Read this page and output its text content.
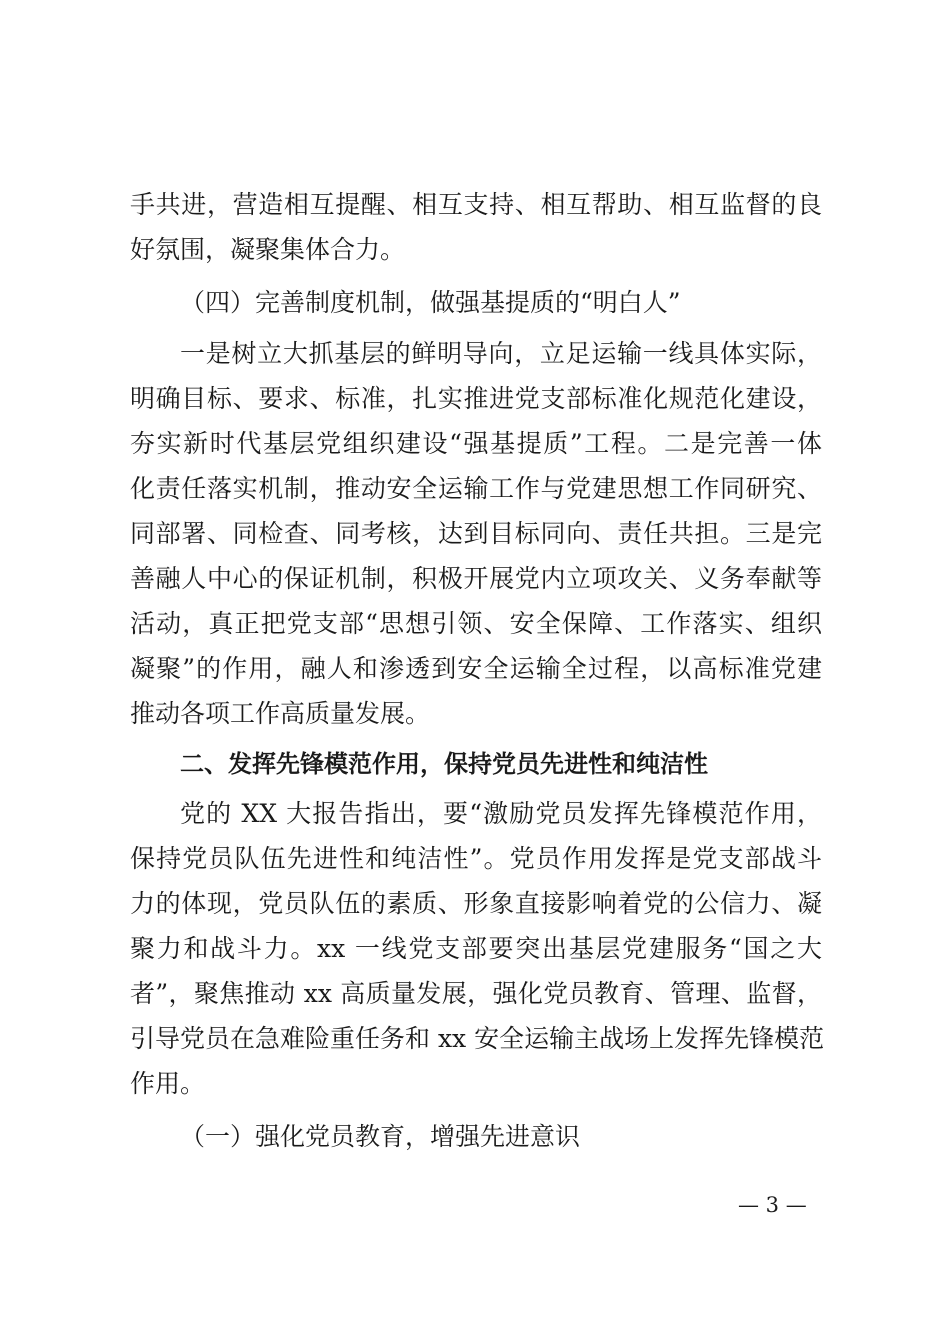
手共进，营造相互提醒、相互支持、相互帮助、相互监督的良
好氛围，凝聚集体合力。
（四）完善制度机制，做强基提质的“明白人”
一是树立大抓基层的鲜明导向，立足运输一线具体实际，
明确目标、要求、标准，扎实推进党支部标准化规范化建设，
夯实新时代基层党组织建设“强基提质”工程。二是完善一体
化责任落实机制，推动安全运输工作与党建思想工作同研究、
同部署、同检查、同考核，达到目标同向、责任共担。三是完
善融人中心的保证机制，积极开展党内立项攻关、义务奉献等
活动，真正把党支部“思想引领、安全保障、工作落实、组织
凝聚”的作用，融人和渗透到安全运输全过程，以高标准党建
推动各项工作高质量发展。
二、发挥先锋模范作用，保持党员先进性和纯洁性
党的 XX 大报告指出，要“激励党员发挥先锋模范作用，
保持党员队伍先进性和纯洁性”。党员作用发挥是党支部战斗
力的体现，党员队伍的素质、形象直接影响着党的公信力、凝
聚力和战斗力。xx 一线党支部要突出基层党建服务“国之大
者”，聚焦推动 xx 高质量发展，强化党员教育、管理、监督，
引导党员在急难险重任务和 xx 安全运输主战场上发挥先锋模范
作用。
（一）强化党员教育，增强先进意识
— 3 —
